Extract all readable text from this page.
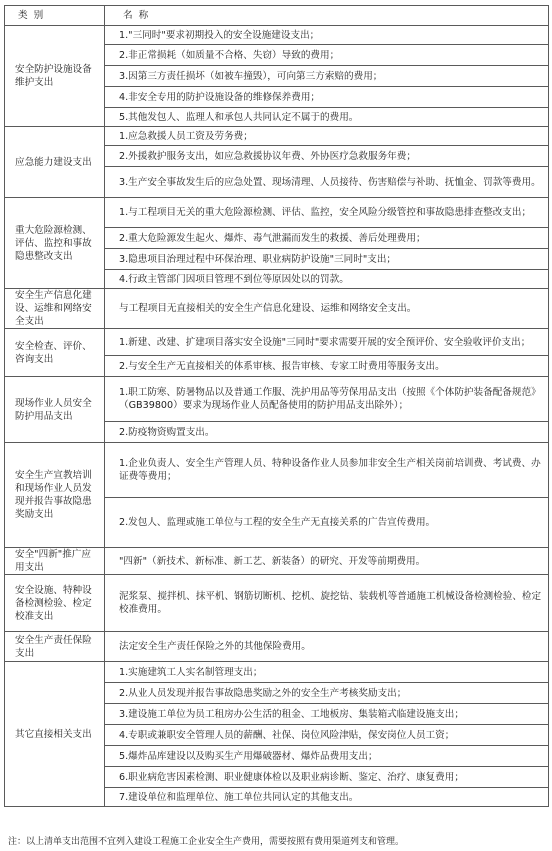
类别	名称
安全防护设施设备维护支出	1."三同时"要求初期投入的安全设施建设支出；
	2.非正常损耗（如质量不合格、失窃）导致的费用；
	3.因第三方责任损坏（如被车撞毁），可向第三方索赔的费用；
	4.非安全专用的防护设施设备的维修保养费用；
	5.其他发包人、监理人和承包人共同认定不属于的费用。
应急能力建设支出	1.应急救援人员工资及劳务费；
	2.外援救护服务支出，如应急救援协议年费、外协医疗急救服务年费；
	3.生产安全事故发生后的应急处置、现场清理、人员接待、伤害赔偿与补助、抚恤金、罚款等费用。
重大危险源检测、评估、监控和事故隐患整改支出	1.与工程项目无关的重大危险源检测、评估、监控，安全风险分级管控和事故隐患排查整改支出；
	2.重大危险源发生起火、爆炸、毒气泄漏而发生的救援、善后处理费用；
	3.隐患项目治理过程中环保治理、职业病防护设施"三同时"支出；
	4.行政主管部门因项目管理不到位等原因处以的罚款。
安全生产信息化建设、运维和网络安全支出	与工程项目无直接相关的安全生产信息化建设、运维和网络安全支出。
安全检查、评价、咨询支出	1.新建、改建、扩建项目落实安全设施"三同时"要求需要开展的安全预评价、安全验收评价支出；
	2.与安全生产无直接相关的体系审核、报告审核、专家工时费用等服务支出。
现场作业人员安全防护用品支出	1.职工防寒、防暑物品以及普通工作服、洗护用品等劳保用品支出（按照《个体防护装备配备规范》（GB39800）要求为现场作业人员配备使用的防护用品支出除外）；
	2.防疫物资购置支出。
安全生产宣教培训和现场作业人员发现并报告事故隐患奖励支出	1.企业负责人、安全生产管理人员、特种设备作业人员参加非安全生产相关岗前培训费、考试费、办证费等费用；
	2.发包人、监理或施工单位与工程的安全生产无直接关系的广告宣传费用。
安全"四新"推广应用支出	"四新"（新技术、新标准、新工艺、新装备）的研究、开发等前期费用。
安全设施、特种设备检测检验、检定校准支出	泥浆泵、搅拌机、抹平机、钢筋切断机、挖机、旋挖钻、装载机等普通施工机械设备检测检验、检定校准费用。
安全生产责任保险支出	法定安全生产责任保险之外的其他保险费用。
其它直接相关支出	1.实施建筑工人实名制管理支出；
	2.从业人员发现并报告事故隐患奖励之外的安全生产考核奖励支出；
	3.建设施工单位为员工租房办公生活的租金、工地板房、集装箱式临建设施支出；
	4.专职或兼职安全管理人员的薪酬、社保、岗位风险津贴，保安岗位人员工资；
	5.爆炸品库建设以及购买生产用爆破器材、爆炸品费用支出；
	6.职业病危害因素检测、职业健康体检以及职业病诊断、鉴定、治疗、康复费用；
	7.建设单位和监理单位、施工单位共同认定的其他支出。
注：以上清单支出范围不宜列入建设工程施工企业安全生产费用，需要按照有费用渠道列支和管理。
